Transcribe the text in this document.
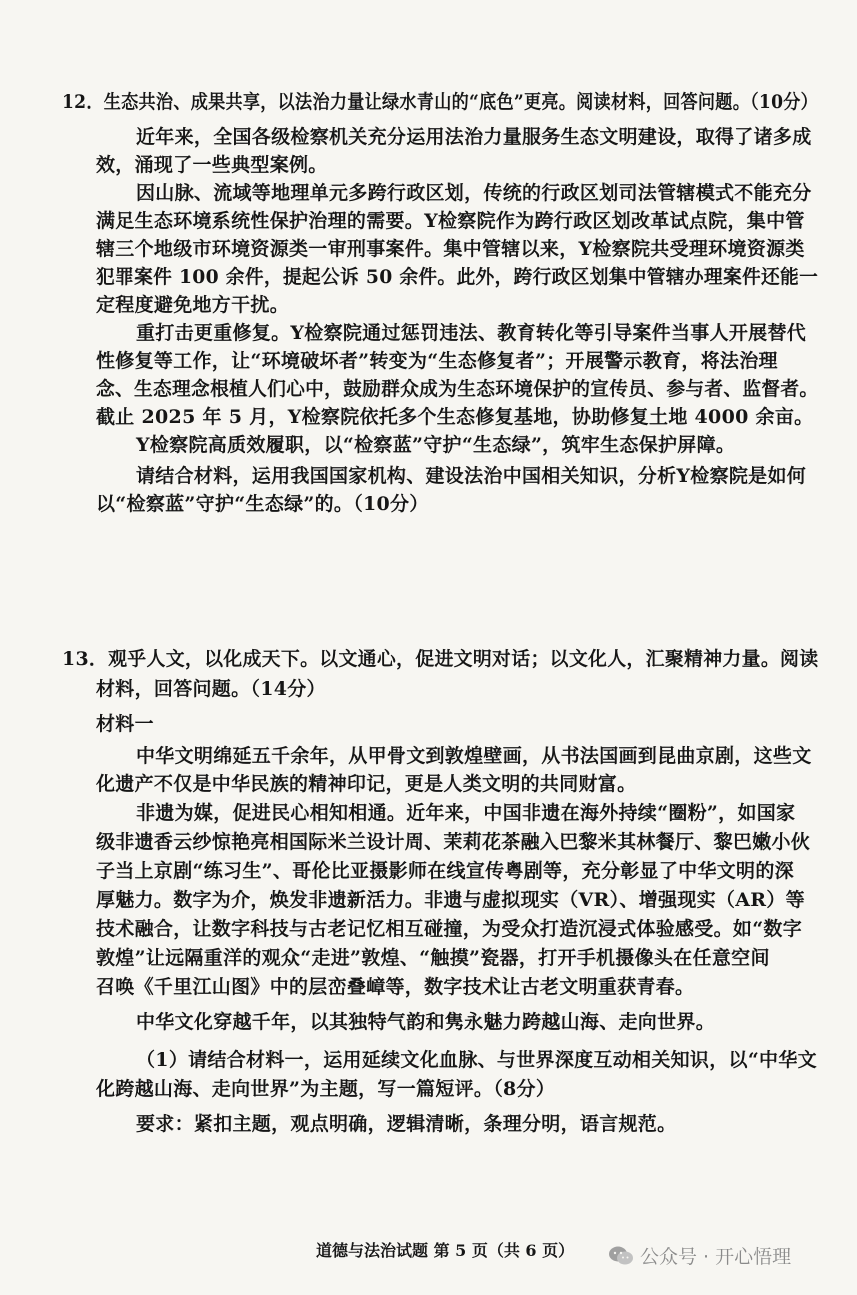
12．生态共治、成果共享，以法治力量让绿水青山的“底色”更亮。阅读材料，回答问题。（10分）
近年来，全国各级检察机关充分运用法治力量服务生态文明建设，取得了诸多成
效，涌现了一些典型案例。
因山脉、流域等地理单元多跨行政区划，传统的行政区划司法管辖模式不能充分
满足生态环境系统性保护治理的需要。Y检察院作为跨行政区划改革试点院，集中管
辖三个地级市环境资源类一审刑事案件。集中管辖以来，Y检察院共受理环境资源类
犯罪案件 100 余件，提起公诉 50 余件。此外，跨行政区划集中管辖办理案件还能一
定程度避免地方干扰。
重打击更重修复。Y检察院通过惩罚违法、教育转化等引导案件当事人开展替代
性修复等工作，让“环境破坏者”转变为“生态修复者”；开展警示教育，将法治理
念、生态理念根植人们心中，鼓励群众成为生态环境保护的宣传员、参与者、监督者。
截止 2025 年 5 月，Y检察院依托多个生态修复基地，协助修复土地 4000 余亩。
Y检察院高质效履职，以“检察蓝”守护“生态绿”，筑牢生态保护屏障。
请结合材料，运用我国国家机构、建设法治中国相关知识，分析Y检察院是如何
以“检察蓝”守护“生态绿”的。（10分）
13．观乎人文，以化成天下。以文通心，促进文明对话；以文化人，汇聚精神力量。阅读
材料，回答问题。（14分）
材料一
中华文明绵延五千余年，从甲骨文到敦煌壁画，从书法国画到昆曲京剧，这些文
化遗产不仅是中华民族的精神印记，更是人类文明的共同财富。
非遗为媒，促进民心相知相通。近年来，中国非遗在海外持续“圈粉”，如国家
级非遗香云纱惊艳亮相国际米兰设计周、茉莉花茶融入巴黎米其林餐厅、黎巴嫩小伙
子当上京剧“练习生”、哥伦比亚摄影师在线宣传粤剧等，充分彰显了中华文明的深
厚魅力。数字为介，焕发非遗新活力。非遗与虚拟现实（VR）、增强现实（AR）等
技术融合，让数字科技与古老记忆相互碰撞，为受众打造沉浸式体验感受。如“数字
敦煌”让远隔重洋的观众“走进”敦煌、“触摸”瓷器，打开手机摄像头在任意空间
召唤《千里江山图》中的层峦叠嶂等，数字技术让古老文明重获青春。
中华文化穿越千年，以其独特气韵和隽永魅力跨越山海、走向世界。
（1）请结合材料一，运用延续文化血脉、与世界深度互动相关知识，以“中华文
化跨越山海、走向世界”为主题，写一篇短评。（8分）
要求：紧扣主题，观点明确，逻辑清晰，条理分明，语言规范。
道德与法治试题 第 5 页（共 6 页）	公众号 · 开心悟理
